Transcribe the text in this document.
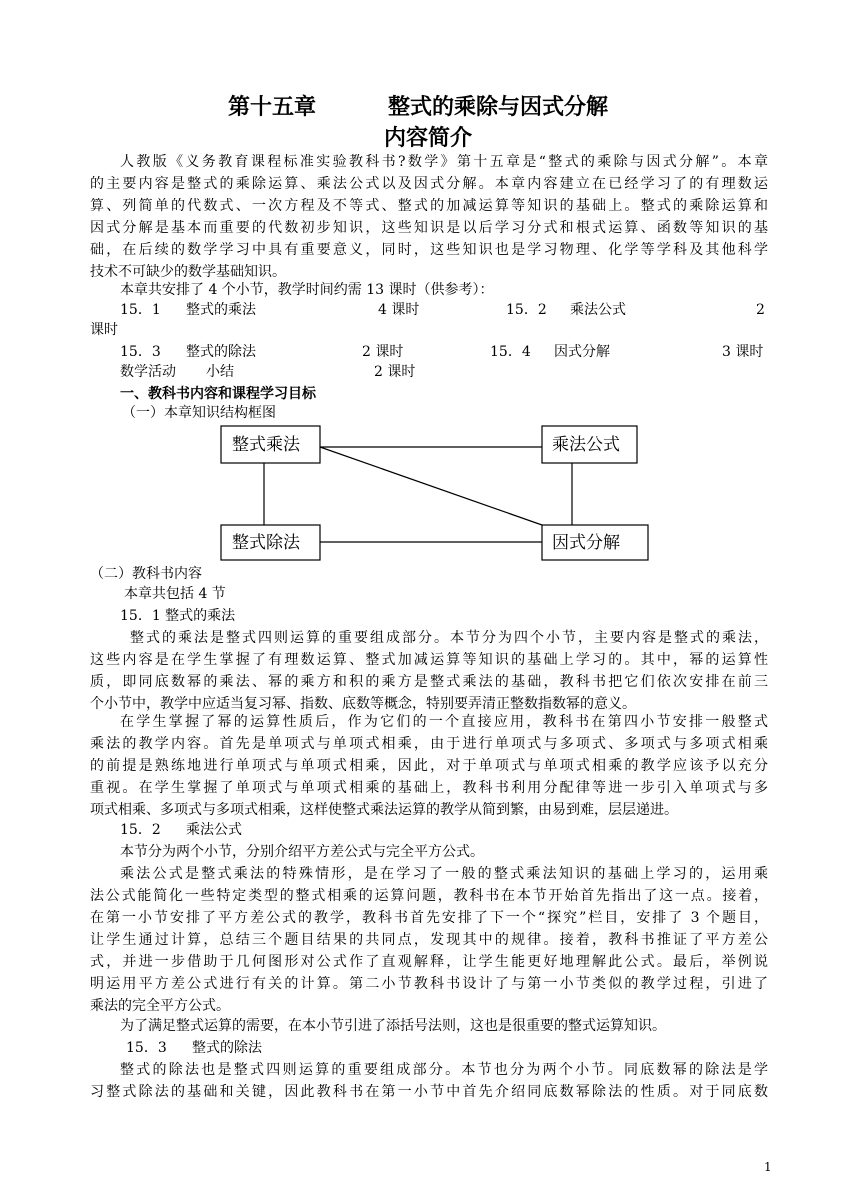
第十五章	整式的乘除与因式分解
内容简介
人教版《义务教育课程标准实验教科书?数学》第十五章是“整式的乘除与因式分解”。本章
的主要内容是整式的乘除运算、乘法公式以及因式分解。本章内容建立在已经学习了的有理数运
算、列简单的代数式、一次方程及不等式、整式的加减运算等知识的基础上。整式的乘除运算和
因式分解是基本而重要的代数初步知识，这些知识是以后学习分式和根式运算、函数等知识的基
础，在后续的数学学习中具有重要意义，同时，这些知识也是学习物理、化学等学科及其他科学
技术不可缺少的数学基础知识。
本章共安排了 4 个小节，教学时间约需 13 课时（供参考）：
15．1 整式的乘法	4 课时	15．2 乘法公式	2
课时
15．3 整式的除法	2 课时	15．4 因式分解	3 课时
数学活动 小结	2 课时
一、教科书内容和课程学习目标
（一）本章知识结构框图
整式乘法	乘法公式
整式除法	因式分解
（二）教科书内容
本章共包括 4 节
15．1 整式的乘法
整式的乘法是整式四则运算的重要组成部分。本节分为四个小节，主要内容是整式的乘法，
这些内容是在学生掌握了有理数运算、整式加减运算等知识的基础上学习的。其中，幂的运算性
质，即同底数幂的乘法、幂的乘方和积的乘方是整式乘法的基础，教科书把它们依次安排在前三
个小节中，教学中应适当复习幂、指数、底数等概念，特别要弄清正整数指数幂的意义。
在学生掌握了幂的运算性质后，作为它们的一个直接应用，教科书在第四小节安排一般整式
乘法的教学内容。首先是单项式与单项式相乘，由于进行单项式与多项式、多项式与多项式相乘
的前提是熟练地进行单项式与单项式相乘，因此，对于单项式与单项式相乘的教学应该予以充分
重视。在学生掌握了单项式与单项式相乘的基础上，教科书利用分配律等进一步引入单项式与多
项式相乘、多项式与多项式相乘，这样使整式乘法运算的教学从简到繁，由易到难，层层递进。
15．2 乘法公式
本节分为两个小节，分别介绍平方差公式与完全平方公式。
乘法公式是整式乘法的特殊情形，是在学习了一般的整式乘法知识的基础上学习的，运用乘
法公式能简化一些特定类型的整式相乘的运算问题，教科书在本节开始首先指出了这一点。接着，
在第一小节安排了平方差公式的教学，教科书首先安排了下一个“探究”栏目，安排了 3 个题目，
让学生通过计算，总结三个题目结果的共同点，发现其中的规律。接着，教科书推证了平方差公
式，并进一步借助于几何图形对公式作了直观解释，让学生能更好地理解此公式。最后，举例说
明运用平方差公式进行有关的计算。第二小节教科书设计了与第一小节类似的教学过程，引进了
乘法的完全平方公式。
为了满足整式运算的需要，在本小节引进了添括号法则，这也是很重要的整式运算知识。
15．3 整式的除法
整式的除法也是整式四则运算的重要组成部分。本节也分为两个小节。同底数幂的除法是学
习整式除法的基础和关键，因此教科书在第一小节中首先介绍同底数幂除法的性质。对于同底数
1
